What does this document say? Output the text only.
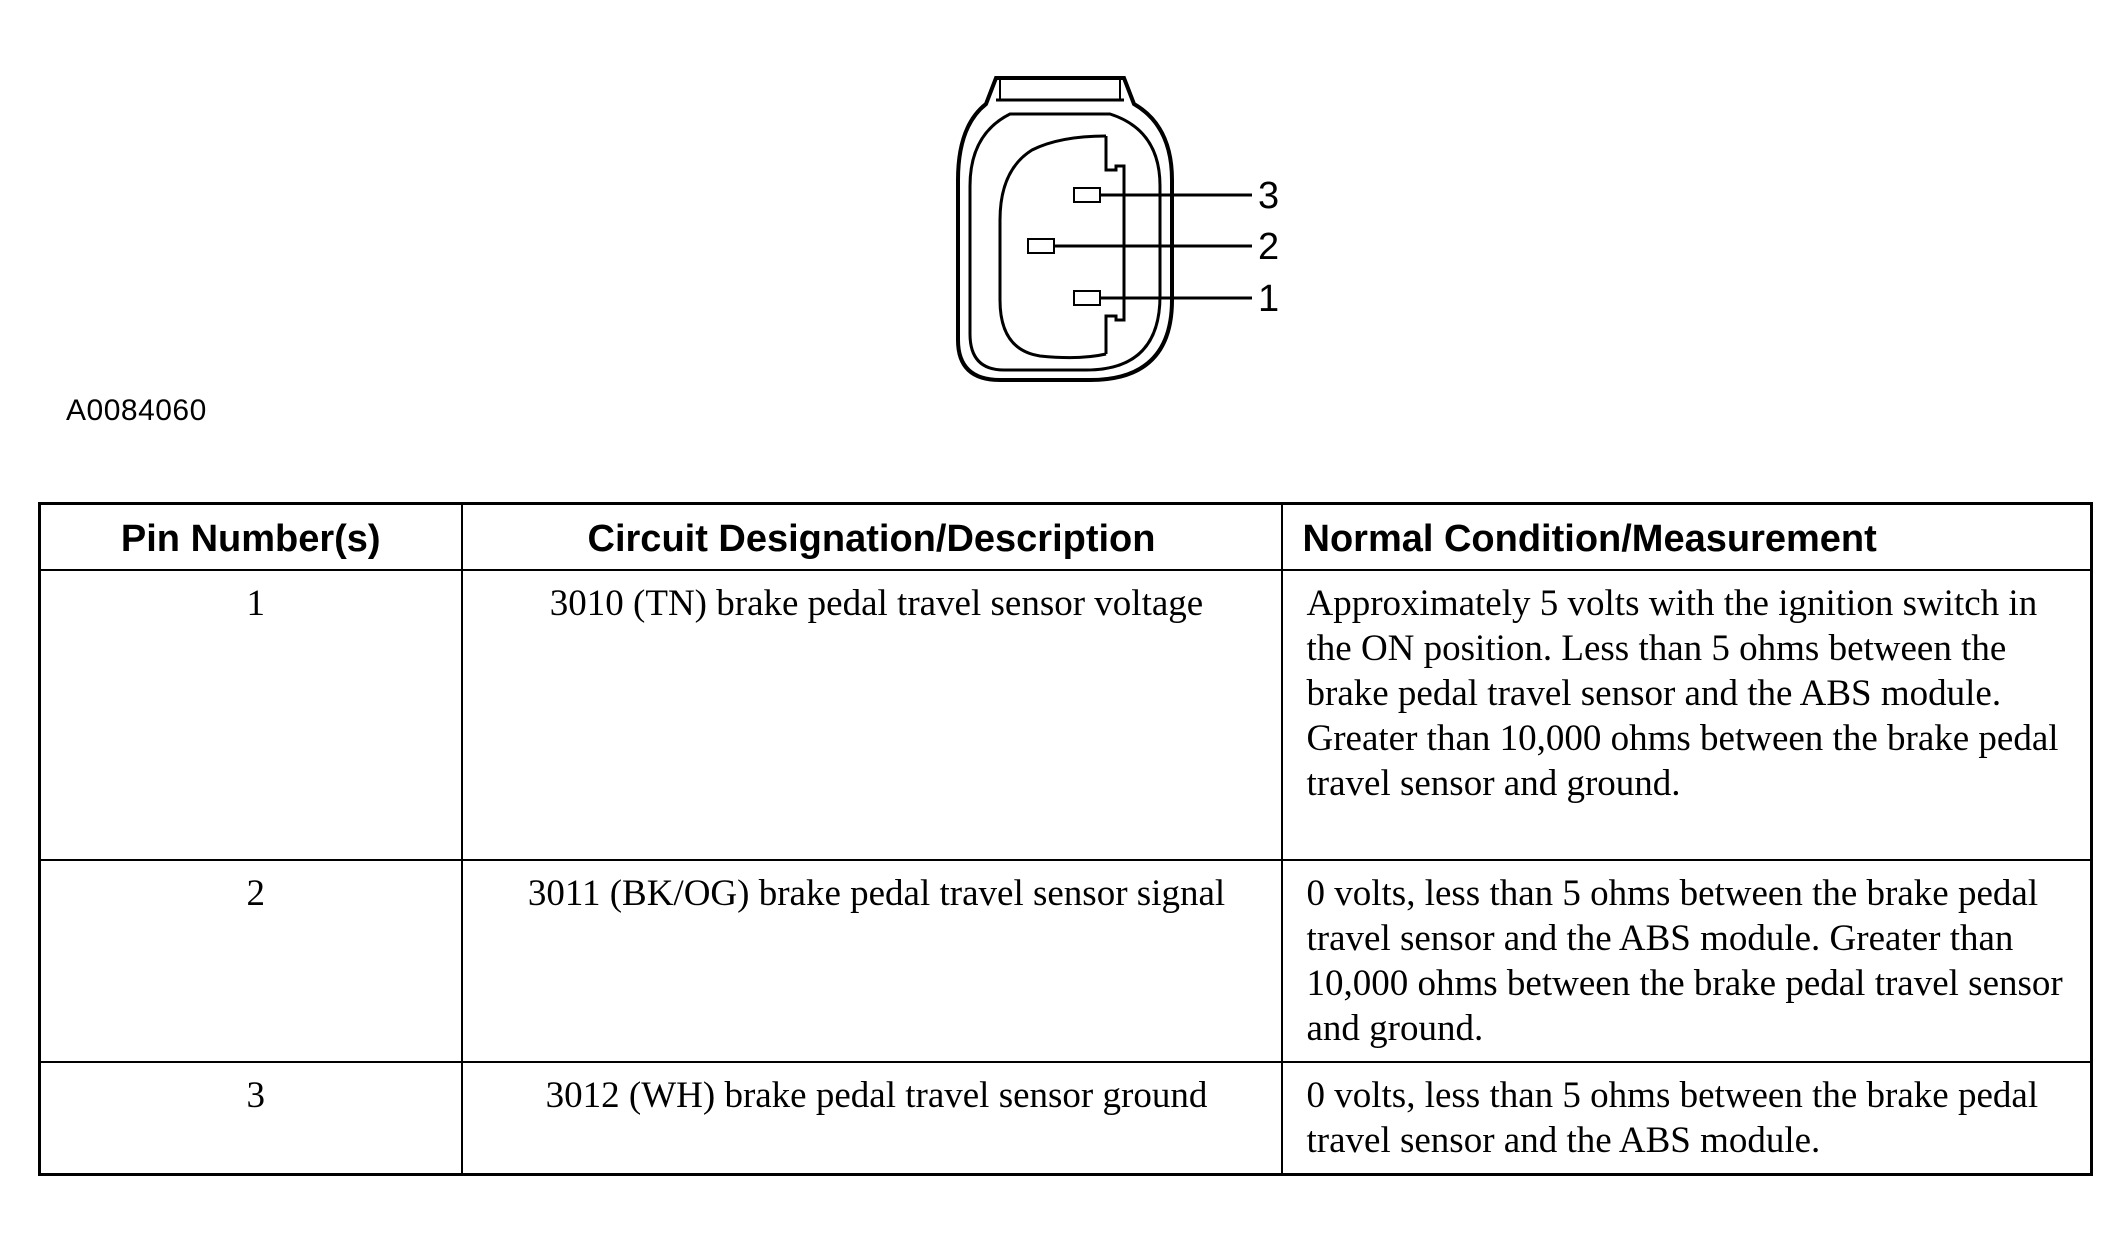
3
2
1
A0084060
Pin Number(s)	Circuit Designation/Description	Normal Condition/Measurement
1	3010 (TN) brake pedal travel sensor voltage	Approximately 5 volts with the ignition switch in the ON position. Less than 5 ohms between the brake pedal travel sensor and the ABS module. Greater than 10,000 ohms between the brake pedal travel sensor and ground.
2	3011 (BK/OG) brake pedal travel sensor signal	0 volts, less than 5 ohms between the brake pedal travel sensor and the ABS module. Greater than 10,000 ohms between the brake pedal travel sensor and ground.
3	3012 (WH) brake pedal travel sensor ground	0 volts, less than 5 ohms between the brake pedal travel sensor and the ABS module.
